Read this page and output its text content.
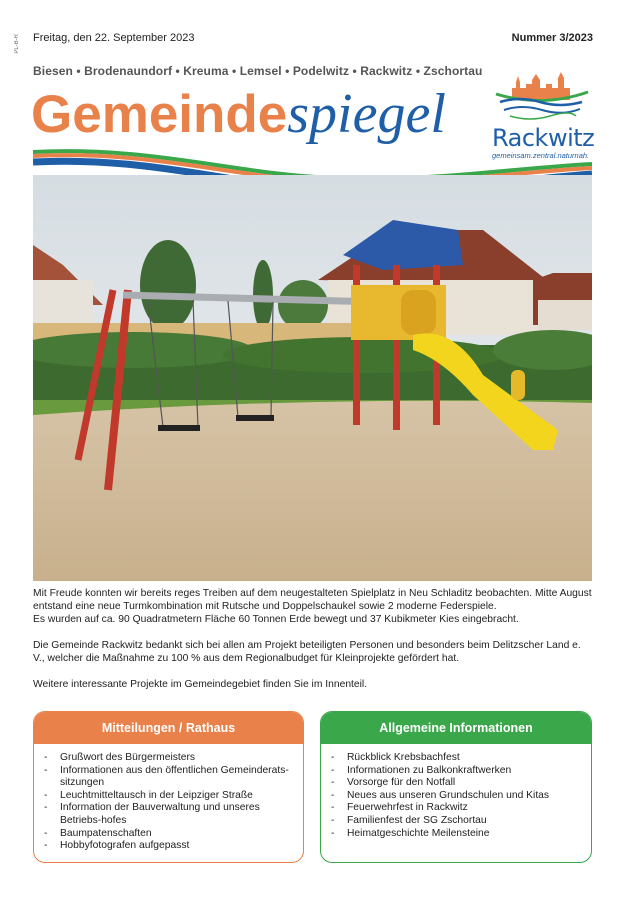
PL-B-R Freitag, den 22. September 2023	Nummer 3/2023
Biesen • Brodenaundorf • Kreuma • Lemsel • Podelwitz • Rackwitz • Zschortau
Gemeindespiegel Rackwitz
gemeinsam.zentral.naturnah.

Mit Freude konnten wir bereits reges Treiben auf dem neugestalteten Spielplatz in Neu Schladitz beobachten. Mitte August entstand eine neue Turmkombination mit Rutsche und Doppelschaukel sowie 2 moderne Federspiele.
Es wurden auf ca. 90 Quadratmetern Fläche 60 Tonnen Erde bewegt und 37 Kubikmeter Kies eingebracht.

Die Gemeinde Rackwitz bedankt sich bei allen am Projekt beteiligten Personen und besonders beim Delitzscher Land e. V., welcher die Maßnahme zu 100 % aus dem Regionalbudget für Kleinprojekte gefördert hat.

Weitere interessante Projekte im Gemeindegebiet finden Sie im Innenteil.

Mitteilungen / Rathaus
- Grußwort des Bürgermeisters
- Informationen aus den öffentlichen Gemeinderats-sitzungen
- Leuchtmitteltausch in der Leipziger Straße
- Information der Bauverwaltung und unseres Betriebs-hofes
- Baumpatenschaften
- Hobbyfotografen aufgepasst
Allgemeine Informationen
- Rückblick Krebsbachfest
- Informationen zu Balkonkraftwerken
- Vorsorge für den Notfall
- Neues aus unseren Grundschulen und Kitas
- Feuerwehrfest in Rackwitz
- Familienfest der SG Zschortau
- Heimatgeschichte Meilensteine
